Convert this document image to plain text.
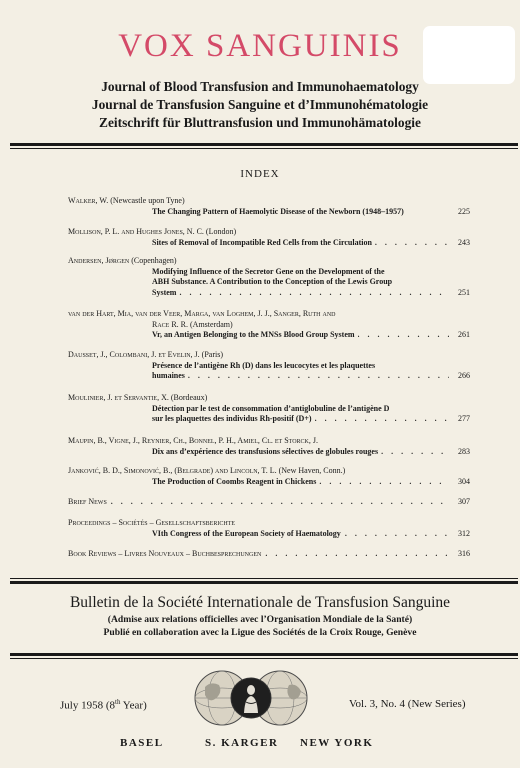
VOX SANGUINIS
Journal of Blood Transfusion and Immunohaematology
Journal de Transfusion Sanguine et d’Immunohématologie
Zeitschrift für Bluttransfusion und Immunohämatologie
INDEX
Walker, W. (Newcastle upon Tyne)
The Changing Pattern of Haemolytic Disease of the Newborn (1948–1957)	225
Mollison, P. L. and Hughes Jones, N. C. (London)
Sites of Removal of Incompatible Red Cells from the Circulation . . .	243
Andersen, Jørgen (Copenhagen)
Modifying Influence of the Secretor Gene on the Development of the
ABH Substance. A Contribution to the Conception of the Lewis Group
System . . .	251
van der Hart, Mia, van der Veer, Marga, van Loghem, J. J., Sanger, Ruth and
Race R. R. (Amsterdam)
Vr, an Antigen Belonging to the MNSs Blood Group System . . .	261
Dausset, J., Colombani, J. et Evelin, J. (Paris)
Présence de l’antigène Rh (D) dans les leucocytes et les plaquettes
humaines . . .	266
Moulinier, J. et Servantie, X. (Bordeaux)
Détection par le test de consommation d’antiglobuline de l’antigène D
sur les plaquettes des individus Rh-positif (D+) . . .	277
Maupin, B., Vigne, J., Reynier, Ch., Bonnel, P. H., Amiel, Cl. et Storck, J.
Dix ans d’expérience des transfusions sélectives de globules rouges . . .	283
Janković, B. D., Simonović, B., (Belgrade) and Lincoln, T. L. (New Haven, Conn.)
The Production of Coombs Reagent in Chickens . . .	304
Brief News . . .	307
Proceedings – Sociétés – Gesellschaftsberichte
VIth Congress of the European Society of Haematology . . .	312
Book Reviews – Livres Nouveaux – Buchbesprechungen . . .	316
Bulletin de la Société Internationale de Transfusion Sanguine
(Admise aux relations officielles avec l’Organisation Mondiale de la Santé)
Publié en collaboration avec la Ligue des Sociétés de la Croix Rouge, Genève
July 1958 (8th Year)	Vol. 3, No. 4 (New Series)
BASEL	S. KARGER NEW YORK
